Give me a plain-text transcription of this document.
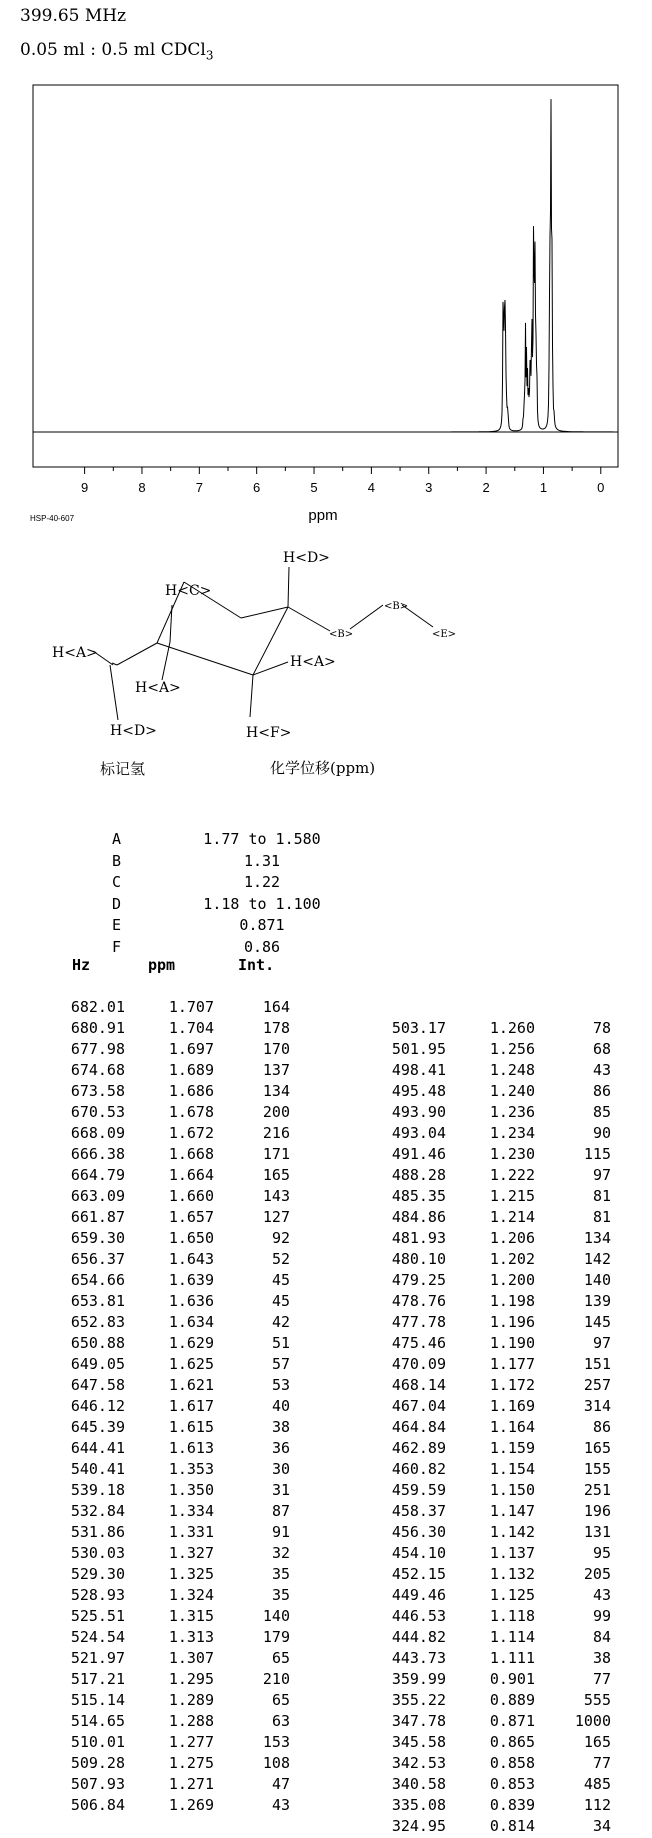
399.65 MHz
0.05 ml : 0.5 ml CDCl$_3$
9	8	7	6	5	4	3	2	1	0
ppm
HSP-40-607
H<D>
H<C>
H<A>
H<A>
H<A>
H<D>	H<F>
<B>
<B>
<E>
标记氢	化学位移(ppm)
A	1.77 to 1.580
B	1.31
C	1.22
D	1.18 to 1.100
E	0.871
F	0.86
Hz	ppm	Int.
682.01	1.707	164
680.91	1.704	178
677.98	1.697	170
674.68	1.689	137
673.58	1.686	134
670.53	1.678	200
668.09	1.672	216
666.38	1.668	171
664.79	1.664	165
663.09	1.660	143
661.87	1.657	127
659.30	1.650	92
656.37	1.643	52
654.66	1.639	45
653.81	1.636	45
652.83	1.634	42
650.88	1.629	51
649.05	1.625	57
647.58	1.621	53
646.12	1.617	40
645.39	1.615	38
644.41	1.613	36
540.41	1.353	30
539.18	1.350	31
532.84	1.334	87
531.86	1.331	91
530.03	1.327	32
529.30	1.325	35
528.93	1.324	35
525.51	1.315	140
524.54	1.313	179
521.97	1.307	65
517.21	1.295	210
515.14	1.289	65
514.65	1.288	63
510.01	1.277	153
509.28	1.275	108
507.93	1.271	47
506.84	1.269	43
503.17	1.260	78
501.95	1.256	68
498.41	1.248	43
495.48	1.240	86
493.90	1.236	85
493.04	1.234	90
491.46	1.230	115
488.28	1.222	97
485.35	1.215	81
484.86	1.214	81
481.93	1.206	134
480.10	1.202	142
479.25	1.200	140
478.76	1.198	139
477.78	1.196	145
475.46	1.190	97
470.09	1.177	151
468.14	1.172	257
467.04	1.169	314
464.84	1.164	86
462.89	1.159	165
460.82	1.154	155
459.59	1.150	251
458.37	1.147	196
456.30	1.142	131
454.10	1.137	95
452.15	1.132	205
449.46	1.125	43
446.53	1.118	99
444.82	1.114	84
443.73	1.111	38
359.99	0.901	77
355.22	0.889	555
347.78	0.871	1000
345.58	0.865	165
342.53	0.858	77
340.58	0.853	485
335.08	0.839	112
324.95	0.814	34
